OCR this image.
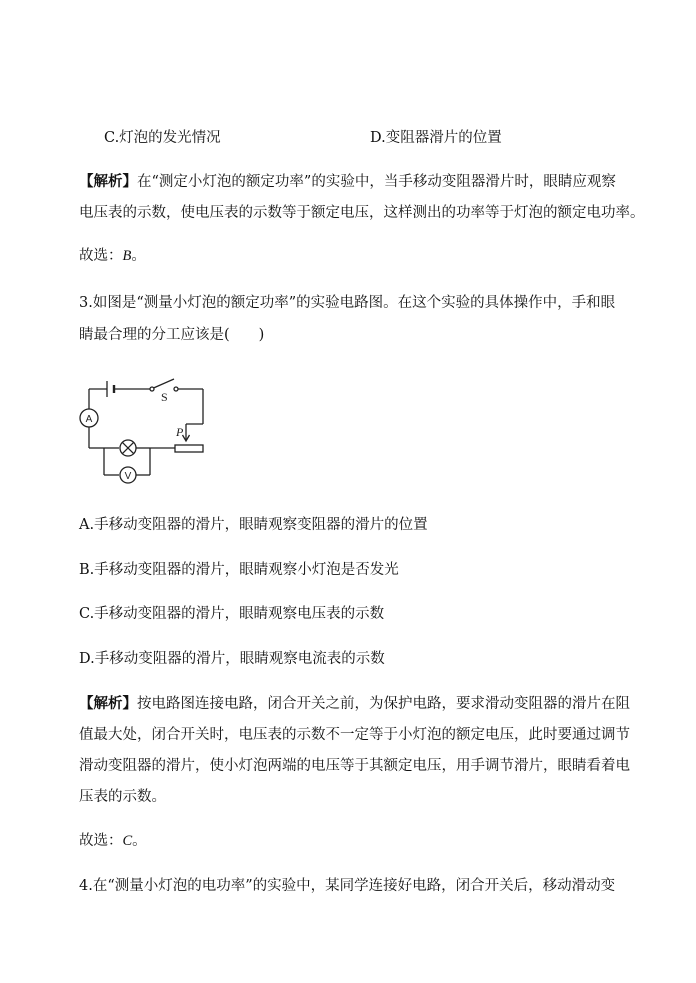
C.灯泡的发光情况	D.变阻器滑片的位置
【解析】在“测定小灯泡的额定功率”的实验中，当手移动变阻器滑片时，眼睛应观察
电压表的示数，使电压表的示数等于额定电压，这样测出的功率等于灯泡的额定电功率。
故选：B。
3.如图是“测量小灯泡的额定功率”的实验电路图。在这个实验的具体操作中，手和眼
睛最合理的分工应该是(　　)
S
P
A
V
A.手移动变阻器的滑片，眼睛观察变阻器的滑片的位置
B.手移动变阻器的滑片，眼睛观察小灯泡是否发光
C.手移动变阻器的滑片，眼睛观察电压表的示数
D.手移动变阻器的滑片，眼睛观察电流表的示数
【解析】按电路图连接电路，闭合开关之前，为保护电路，要求滑动变阻器的滑片在阻
值最大处，闭合开关时，电压表的示数不一定等于小灯泡的额定电压，此时要通过调节
滑动变阻器的滑片，使小灯泡两端的电压等于其额定电压，用手调节滑片，眼睛看着电
压表的示数。
故选：C。
4.在“测量小灯泡的电功率”的实验中，某同学连接好电路，闭合开关后，移动滑动变
